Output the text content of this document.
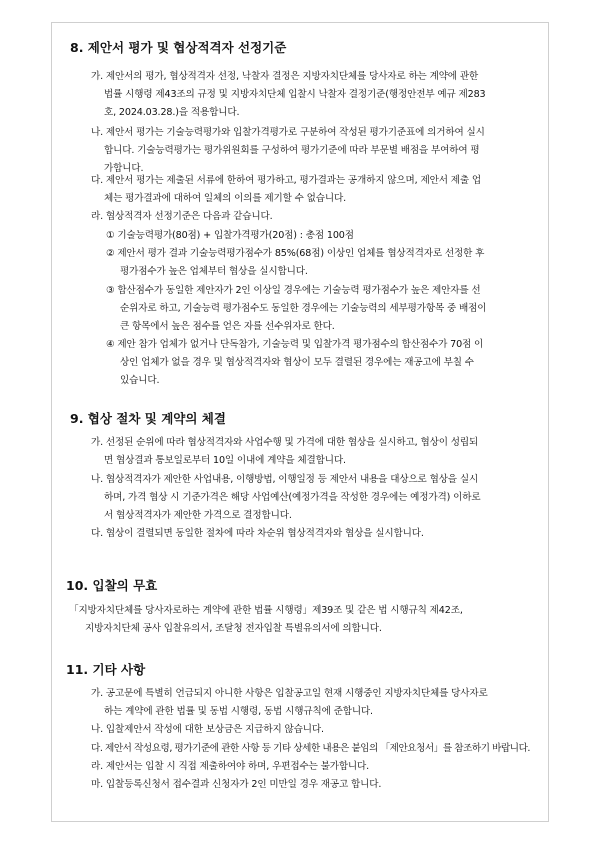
8. 제안서 평가 및 협상적격자 선정기준
가. 제안서의 평가, 협상적격자 선정, 낙찰자 결정은 지방자치단체를 당사자로 하는 계약에 관한
법률 시행령 제43조의 규정 및 지방자치단체 입찰시 낙찰자 결정기준(행정안전부 예규 제283
호, 2024.03.28.)을 적용합니다.
나. 제안서 평가는 기술능력평가와 입찰가격평가로 구분하여 작성된 평가기준표에 의거하여 실시
합니다. 기술능력평가는 평가위원회를 구성하여 평가기준에 따라 부문별 배점을 부여하여 평
가합니다.
다. 제안서 평가는 제출된 서류에 한하여 평가하고, 평가결과는 공개하지 않으며, 제안서 제출 업
체는 평가결과에 대하여 일체의 이의를 제기할 수 없습니다.
라. 협상적격자 선정기준은 다음과 같습니다.
① 기술능력평가(80점) + 입찰가격평가(20점) : 총점 100점
② 제안서 평가 결과 기술능력평가점수가 85%(68점) 이상인 업체를 협상적격자로 선정한 후
평가점수가 높은 업체부터 협상을 실시합니다.
③ 합산점수가 동일한 제안자가 2인 이상일 경우에는 기술능력 평가점수가 높은 제안자를 선
순위자로 하고, 기술능력 평가점수도 동일한 경우에는 기술능력의 세부평가항목 중 배점이
큰 항목에서 높은 점수를 얻은 자를 선수위자로 한다.
④ 제안 참가 업체가 없거나 단독참가, 기술능력 및 입찰가격 평가점수의 합산점수가 70점 이
상인 업체가 없을 경우 및 협상적격자와 협상이 모두 결렬된 경우에는 재공고에 부칠 수
있습니다.
9. 협상 절차 및 계약의 체결
가. 선정된 순위에 따라 협상적격자와 사업수행 및 가격에 대한 협상을 실시하고, 협상이 성립되
면 협상결과 통보일로부터 10일 이내에 계약을 체결합니다.
나. 협상적격자가 제안한 사업내용, 이행방법, 이행일정 등 제안서 내용을 대상으로 협상을 실시
하며, 가격 협상 시 기준가격은 해당 사업예산(예정가격을 작성한 경우에는 예정가격) 이하로
서 협상적격자가 제안한 가격으로 결정합니다.
다. 협상이 결렬되면 동일한 절차에 따라 차순위 협상적격자와 협상을 실시합니다.
10. 입찰의 무효
「지방자치단체를 당사자로하는 계약에 관한 법률 시행령」제39조 및 같은 법 시행규칙 제42조,
지방자치단체 공사 입찰유의서, 조달청 전자입찰 특별유의서에 의합니다.
11. 기타 사항
가. 공고문에 특별히 언급되지 아니한 사항은 입찰공고일 현재 시행중인 지방자치단체를 당사자로
하는 계약에 관한 법률 및 동법 시행령, 동법 시행규칙에 준합니다.
나. 입찰제안서 작성에 대한 보상금은 지급하지 않습니다.
다. 제안서 작성요령, 평가기준에 관한 사항 등 기타 상세한 내용은 붙임의 「제안요청서」를 참조하기 바랍니다.
라. 제안서는 입찰 시 직접 제출하여야 하며, 우편접수는 불가합니다.
마. 입찰등록신청서 접수결과 신청자가 2인 미만일 경우 재공고 합니다.
